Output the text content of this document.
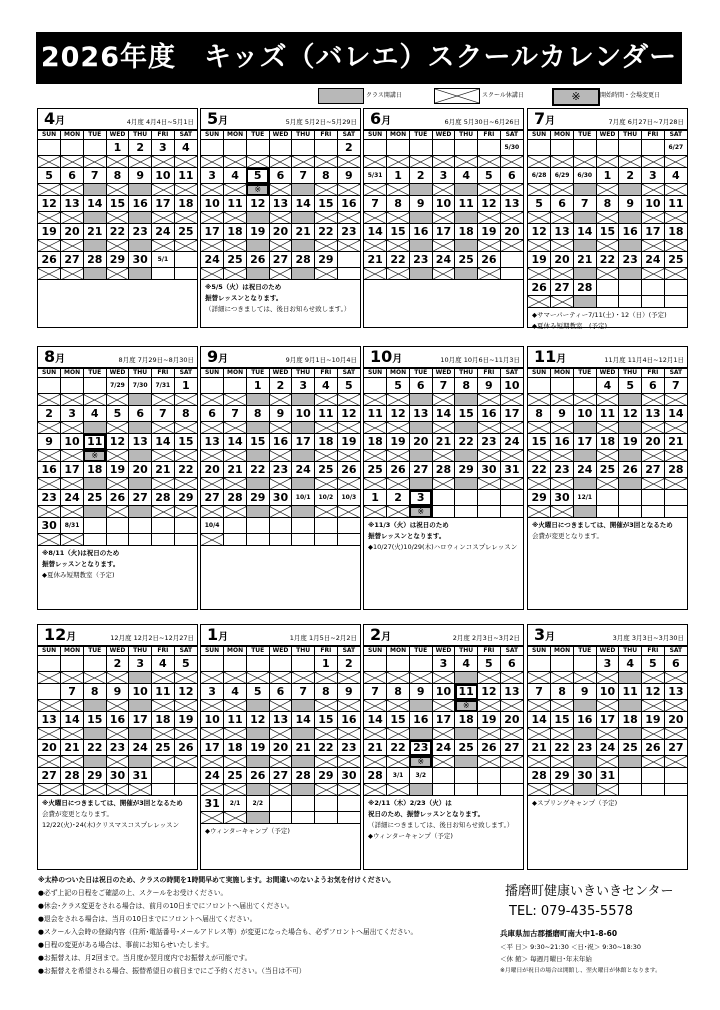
2026年度　キッズ（バレエ）スクールカレンダー
クラス開講日	スクール休講日	※	開始時間・会場変更日
4月	4月度 4月4日~5月1日
SUN	MON	TUE	WED	THU	FRI	SAT
			1	2	3	4

5	6	7	8	9	10	11

12	13	14	15	16	17	18

19	20	21	22	23	24	25

26	27	28	29	30	5/1	

5月	5月度 5月2日~5月29日
SUN	MON	TUE	WED	THU	FRI	SAT
						2

3	4	5	6	7	8	9
		※				
10	11	12	13	14	15	16

17	18	19	20	21	22	23

24	25	26	27	28	29	

※5/5（火）は祝日のため
振替レッスンとなります。
（詳細につきましては、後日お知らせ致します。）
6月	6月度 5月30日~6月26日
SUN	MON	TUE	WED	THU	FRI	SAT
						5/30

5/31	1	2	3	4	5	6

7	8	9	10	11	12	13

14	15	16	17	18	19	20

21	22	23	24	25	26	

7月	7月度 6月27日~7月28日
SUN	MON	TUE	WED	THU	FRI	SAT
						6/27

6/28	6/29	6/30	1	2	3	4

5	6	7	8	9	10	11

12	13	14	15	16	17	18

19	20	21	22	23	24	25

26	27	28				

◆サマーパーティー7/11(土)・12（日）(予定)
◆夏休み短期教室　(予定)
8月	8月度 7月29日~8月30日
SUN	MON	TUE	WED	THU	FRI	SAT
			7/29	7/30	7/31	1

2	3	4	5	6	7	8

9	10	11	12	13	14	15
		※				
16	17	18	19	20	21	22

23	24	25	26	27	28	29

30	8/31					

※8/11（火)は祝日のため
振替レッスンとなります。
◆夏休み短期教室（予定)
9月	9月度 9月1日~10月4日
SUN	MON	TUE	WED	THU	FRI	SAT
		1	2	3	4	5

6	7	8	9	10	11	12

13	14	15	16	17	18	19

20	21	22	23	24	25	26

27	28	29	30	10/1	10/2	10/3

10/4						

10月	10月度 10月6日~11月3日
SUN	MON	TUE	WED	THU	FRI	SAT
	5	6	7	8	9	10

11	12	13	14	15	16	17

18	19	20	21	22	23	24

25	26	27	28	29	30	31

1	2	3				
		※				
※11/3（火）は祝日のため
振替レッスンとなります。
◆10/27(火)10/29(木)ハロウィンコスプレレッスン
11月	11月度 11月4日~12月1日
SUN	MON	TUE	WED	THU	FRI	SAT
			4	5	6	7

8	9	10	11	12	13	14

15	16	17	18	19	20	21

22	23	24	25	26	27	28

29	30	12/1				

※火曜日につきましては、開催が3回となるため
会費が変更となります。
12月	12月度 12月2日~12月27日
SUN	MON	TUE	WED	THU	FRI	SAT
			2	3	4	5

	7	8	9	10	11	12

13	14	15	16	17	18	19

20	21	22	23	24	25	26

27	28	29	30	31		

※火曜日につきましては、開催が3回となるため
会費が変更となります。
12/22(火)･24(木)クリスマスコスプレレッスン
1月	1月度 1月5日~2月2日
SUN	MON	TUE	WED	THU	FRI	SAT
					1	2

3	4	5	6	7	8	9

10	11	12	13	14	15	16

17	18	19	20	21	22	23

24	25	26	27	28	29	30

31	2/1	2/2				

◆ウィンターキャンプ（予定)
2月	2月度 2月3日~3月2日
SUN	MON	TUE	WED	THU	FRI	SAT
			3	4	5	6

7	8	9	10	11	12	13
				※		
14	15	16	17	18	19	20

21	22	23	24	25	26	27
		※				
28	3/1	3/2				

※2/11（木）2/23（火）は
祝日のため、振替レッスンとなります。
（詳細につきましては、後日お知らせ致します。）
◆ウィンターキャンプ（予定)
3月	3月度 3月3日~3月30日
SUN	MON	TUE	WED	THU	FRI	SAT
			3	4	5	6

7	8	9	10	11	12	13

14	15	16	17	18	19	20

21	22	23	24	25	26	27

28	29	30	31			

◆スプリングキャンプ（予定)
※太枠のついた日は祝日のため、クラスの時間を1時間早めて実施します。お間違いのないようお気を付けください。
●必ず上記の日程をご確認の上、スクールをお受けください。
●休会･クラス変更をされる場合は、前月の10日までにフロントへ届出てください。
●退会をされる場合は、当月の10日までにフロントへ届出てください。
●スクール入会時の登録内容（住所･電話番号･メールアドレス等）が変更になった場合も、必ずフロントへ届出てください。
●日程の変更がある場合は、事前にお知らせいたします。
●お振替えは、月2回まで。当月度か翌月度内でお振替えが可能です。
●お振替えを希望される場合、振替希望日の前日までにご予約ください。（当日は不可）
播磨町健康いきいきセンター
TEL: 079-435-5578
兵庫県加古郡播磨町南大中1-8-60
＜平 日＞ 9:30~21:30 ＜日･祝＞ 9:30~18:30
＜休 館＞ 毎週月曜日･年末年始
※月曜日が祝日の場合は開館し、翌火曜日が休館となります。
